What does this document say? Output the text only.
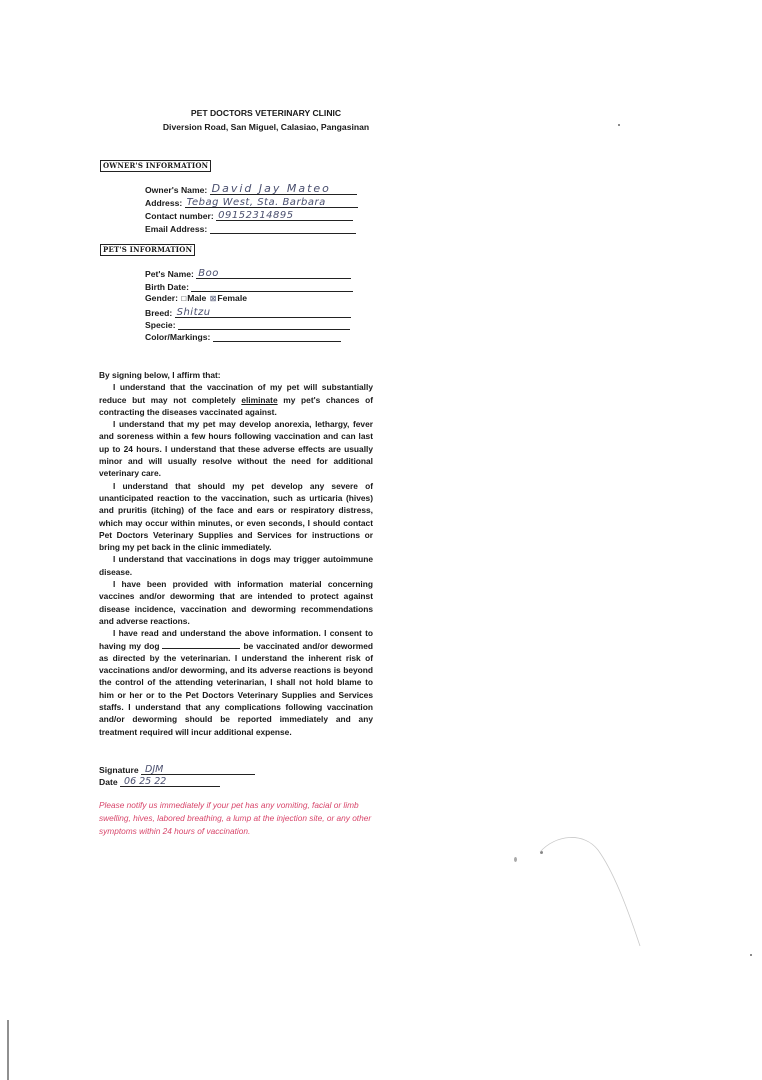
PET DOCTORS VETERINARY CLINIC
Diversion Road, San Miguel, Calasiao, Pangasinan
OWNER'S INFORMATION
Owner's Name: David Jay Mateo
Address: Tebag West, Sta. Barbara
Contact number: 09152314895
Email Address:
PET'S INFORMATION
Pet's Name: Boo
Birth Date:
Gender: □Male ⊠Female
Breed: Shitzu
Specie:
Color/Markings:

By signing below, I affirm that:

I understand that the vaccination of my pet will substantially reduce but may not completely eliminate my pet's chances of contracting the diseases vaccinated against.

I understand that my pet may develop anorexia, lethargy, fever and soreness within a few hours following vaccination and can last up to 24 hours. I understand that these adverse effects are usually minor and will usually resolve without the need for additional veterinary care.

I understand that should my pet develop any severe of unanticipated reaction to the vaccination, such as urticaria (hives) and pruritis (itching) of the face and ears or respiratory distress, which may occur within minutes, or even seconds, I should contact Pet Doctors Veterinary Supplies and Services for instructions or bring my pet back in the clinic immediately.

I understand that vaccinations in dogs may trigger autoimmune disease.

I have been provided with information material concerning vaccines and/or deworming that are intended to protect against disease incidence, vaccination and deworming recommendations and adverse reactions.

I have read and understand the above information. I consent to having my dog	be vaccinated and/or dewormed as directed by the veterinarian. I understand the inherent risk of vaccinations and/or deworming, and its adverse reactions is beyond the control of the attending veterinarian, I shall not hold blame to him or her or to the Pet Doctors Veterinary Supplies and Services staffs. I understand that any complications following vaccination and/or deworming should be reported immediately and any treatment required will incur additional expense.

Signature DJM
Date 06 25 22
Please notify us immediately if your pet has any vomiting, facial or limb swelling, hives, labored breathing, a lump at the injection site, or any other symptoms within 24 hours of vaccination.
